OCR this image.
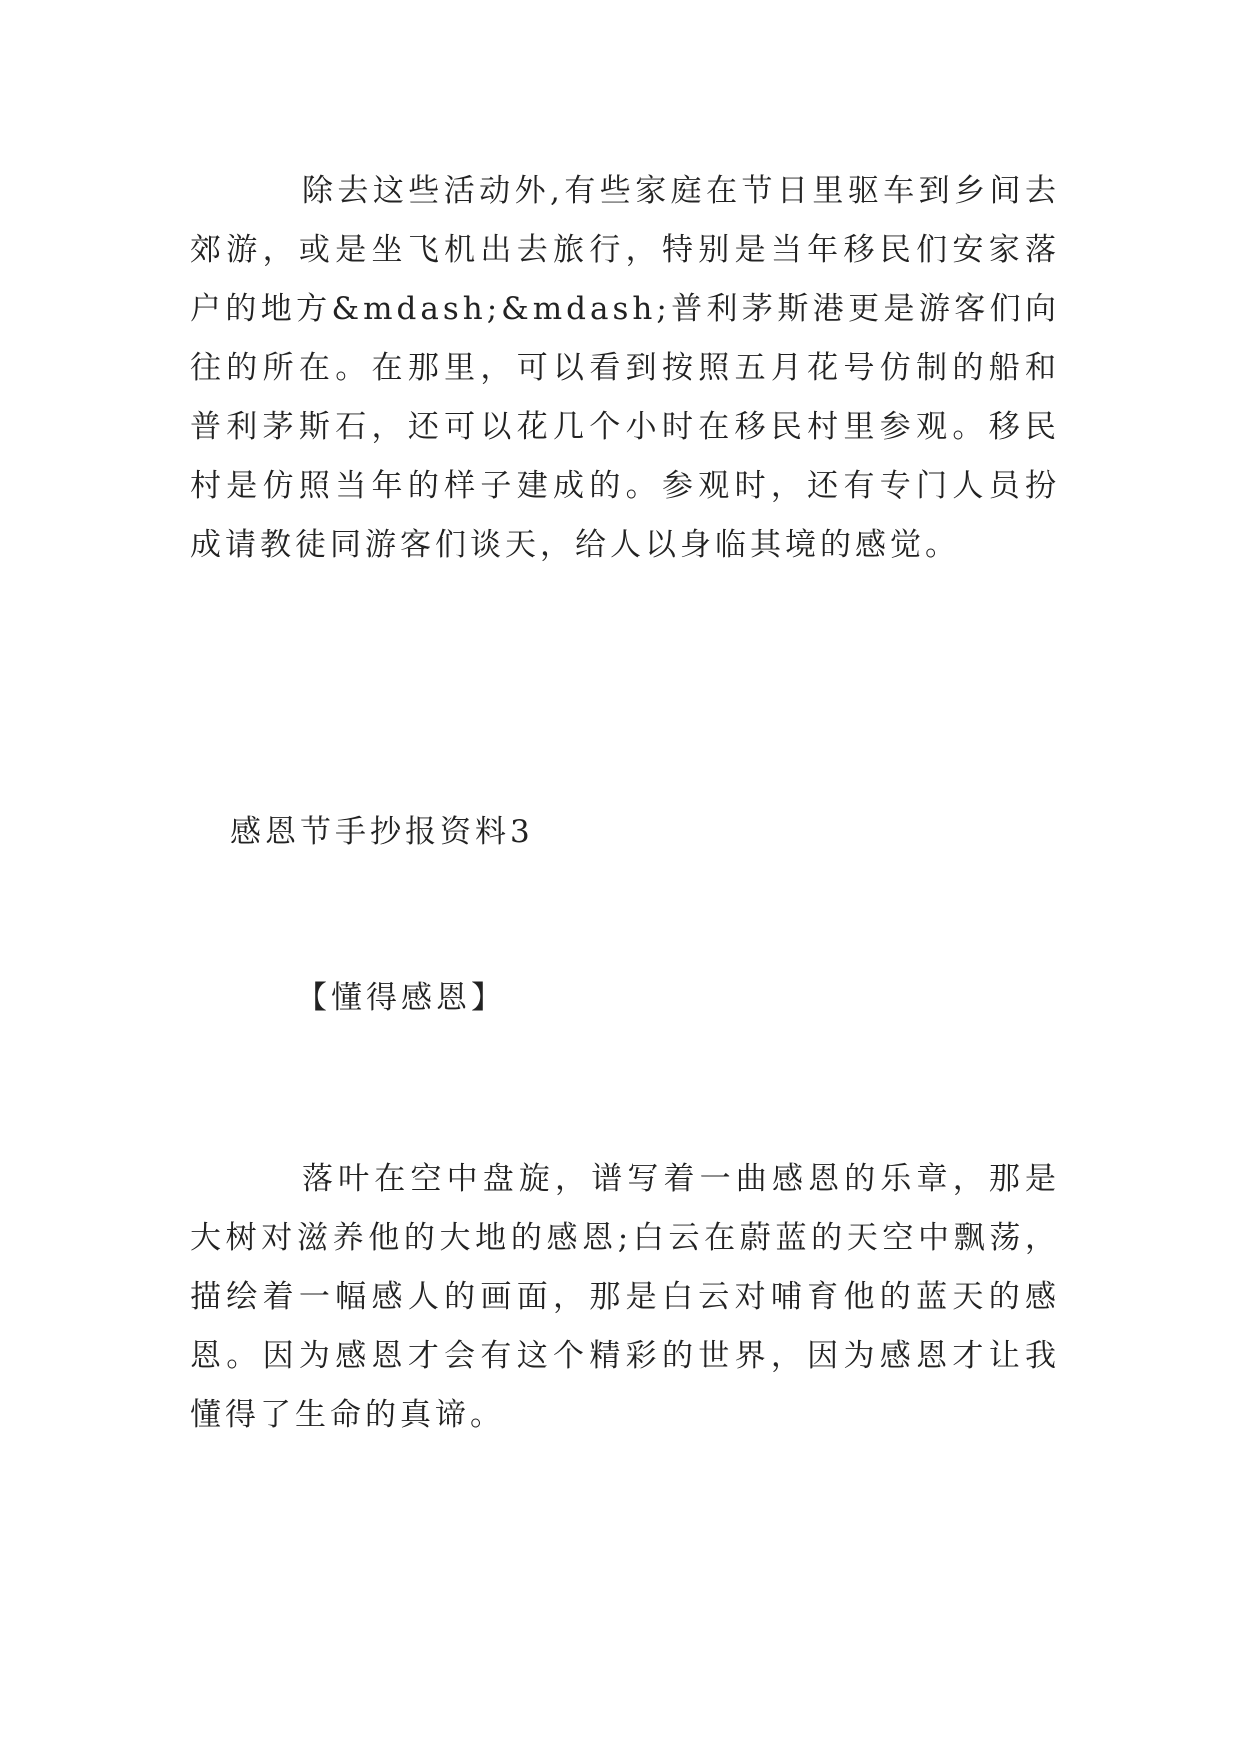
除去这些活动外,有些家庭在节日里驱车到乡间去郊游，或是坐飞机出去旅行，特别是当年移民们安家落户的地方&mdash;&mdash;普利茅斯港更是游客们向往的所在。在那里，可以看到按照五月花号仿制的船和普利茅斯石，还可以花几个小时在移民村里参观。移民村是仿照当年的样子建成的。参观时，还有专门人员扮成请教徒同游客们谈天，给人以身临其境的感觉。

感恩节手抄报资料3
【懂得感恩】

落叶在空中盘旋，谱写着一曲感恩的乐章，那是大树对滋养他的大地的感恩;白云在蔚蓝的天空中飘荡，描绘着一幅感人的画面，那是白云对哺育他的蓝天的感恩。因为感恩才会有这个精彩的世界，因为感恩才让我懂得了生命的真谛。
